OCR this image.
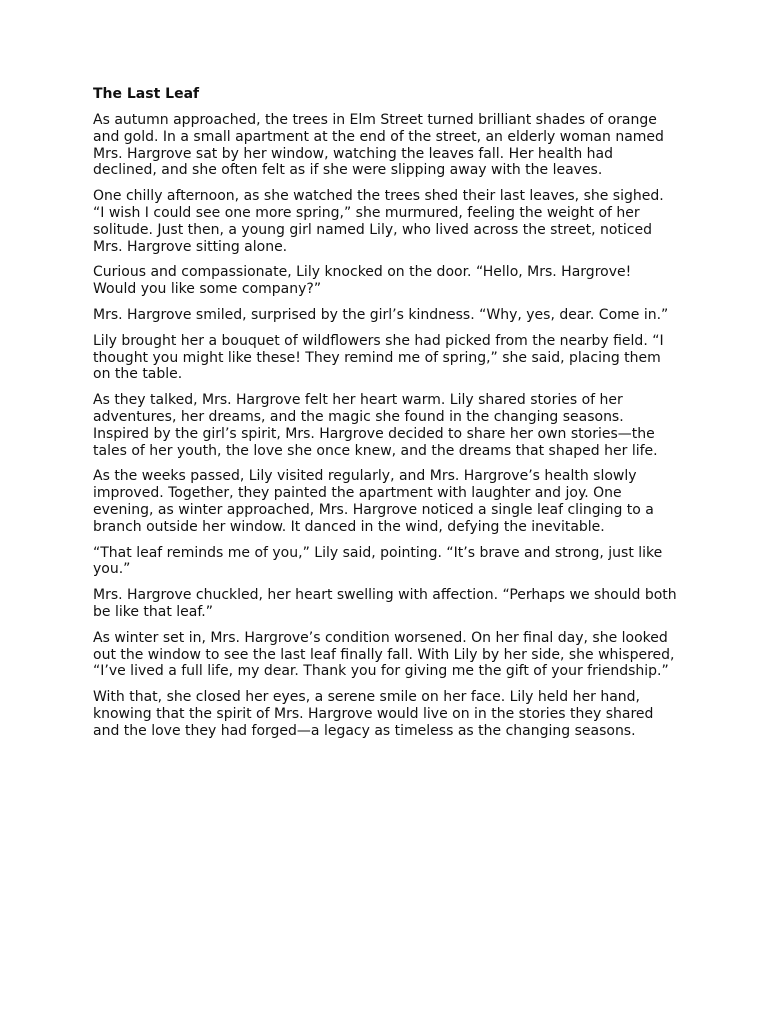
The Last Leaf

As autumn approached, the trees in Elm Street turned brilliant shades of orange and gold. In a small apartment at the end of the street, an elderly woman named Mrs. Hargrove sat by her window, watching the leaves fall. Her health had declined, and she often felt as if she were slipping away with the leaves.

One chilly afternoon, as she watched the trees shed their last leaves, she sighed. “I wish I could see one more spring,” she murmured, feeling the weight of her solitude. Just then, a young girl named Lily, who lived across the street, noticed Mrs. Hargrove sitting alone.

Curious and compassionate, Lily knocked on the door. “Hello, Mrs. Hargrove! Would you like some company?”

Mrs. Hargrove smiled, surprised by the girl’s kindness. “Why, yes, dear. Come in.”

Lily brought her a bouquet of wildflowers she had picked from the nearby field. “I thought you might like these! They remind me of spring,” she said, placing them on the table.

As they talked, Mrs. Hargrove felt her heart warm. Lily shared stories of her adventures, her dreams, and the magic she found in the changing seasons. Inspired by the girl’s spirit, Mrs. Hargrove decided to share her own stories—the tales of her youth, the love she once knew, and the dreams that shaped her life.

As the weeks passed, Lily visited regularly, and Mrs. Hargrove’s health slowly improved. Together, they painted the apartment with laughter and joy. One evening, as winter approached, Mrs. Hargrove noticed a single leaf clinging to a branch outside her window. It danced in the wind, defying the inevitable.

“That leaf reminds me of you,” Lily said, pointing. “It’s brave and strong, just like you.”

Mrs. Hargrove chuckled, her heart swelling with affection. “Perhaps we should both be like that leaf.”

As winter set in, Mrs. Hargrove’s condition worsened. On her final day, she looked out the window to see the last leaf finally fall. With Lily by her side, she whispered, “I’ve lived a full life, my dear. Thank you for giving me the gift of your friendship.”

With that, she closed her eyes, a serene smile on her face. Lily held her hand, knowing that the spirit of Mrs. Hargrove would live on in the stories they shared and the love they had forged—a legacy as timeless as the changing seasons.
